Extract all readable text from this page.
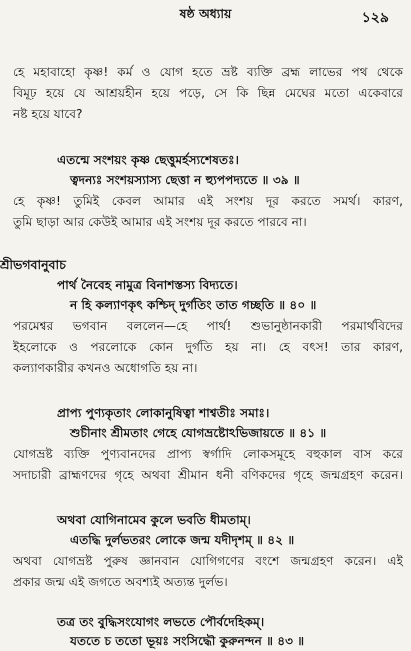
ষষ্ঠ অধ্যায়	১২৯
হে মহাবাহো কৃষ্ণ! কর্ম ও যোগ হতে ভ্রষ্ট ব্যক্তি ব্রহ্ম লাভের পথ থেকে
বিমূঢ় হয়ে যে আশ্রয়হীন হয়ে পড়ে, সে কি ছিন্ন মেঘের মতো একেবারে
নষ্ট হয়ে যাবে?
এতন্মে সংশয়ং কৃষ্ণ ছেত্তুমর্হস্যশেষতঃ।
ত্বদন্যঃ সংশয়স্যাস্য ছেত্তা ন হ্যুপপদ্যতে ॥ ৩৯ ॥
হে কৃষ্ণ! তুমিই কেবল আমার এই সংশয় দূর করতে সমর্থ। কারণ,
তুমি ছাড়া আর কেউই আমার এই সংশয় দূর করতে পারবে না।
শ্রীভগবানুবাচ
পার্থ নৈবেহ নামুত্র বিনাশস্তস্য বিদ্যতে।
ন হি কল্যাণকৃৎ কশ্চিদ্ দুর্গতিং তাত গচ্ছতি ॥ ৪০ ॥
পরমেশ্বর ভগবান বললেন—হে পার্থ! শুভানুষ্ঠানকারী পরমার্থবিদের
ইহলোকে ও পরলোকে কোন দুর্গতি হয় না। হে বৎস! তার কারণ,
কল্যাণকারীর কখনও অধোগতি হয় না।
প্রাপ্য পুণ্যকৃতাং লোকানুষিত্বা শাশ্বতীঃ সমাঃ।
শুচীনাং শ্রীমতাং গেহে যোগভ্রষ্টোঽভিজায়তে ॥ ৪১ ॥
যোগভ্রষ্ট ব্যক্তি পুণ্যবানদের প্রাপ্য স্বর্গাদি লোকসমূহে বহুকাল বাস করে
সদাচারী ব্রাহ্মণদের গৃহে অথবা শ্রীমান ধনী বণিকদের গৃহে জন্মগ্রহণ করেন।
অথবা যোগিনামেব কুলে ভবতি ধীমতাম্।
এতদ্ধি দুর্লভতরং লোকে জন্ম যদীদৃশম্ ॥ ৪২ ॥
অথবা যোগভ্রষ্ট পুরুষ জ্ঞানবান যোগিগণের বংশে জন্মগ্রহণ করেন। এই
প্রকার জন্ম এই জগতে অবশ্যই অত্যন্ত দুর্লভ।
তত্র তং বুদ্ধিসংযোগং লভতে পৌর্বদেহিকম্।
যততে চ ততো ভূয়ঃ সংসিদ্ধৌ কুরুনন্দন ॥ ৪৩ ॥
